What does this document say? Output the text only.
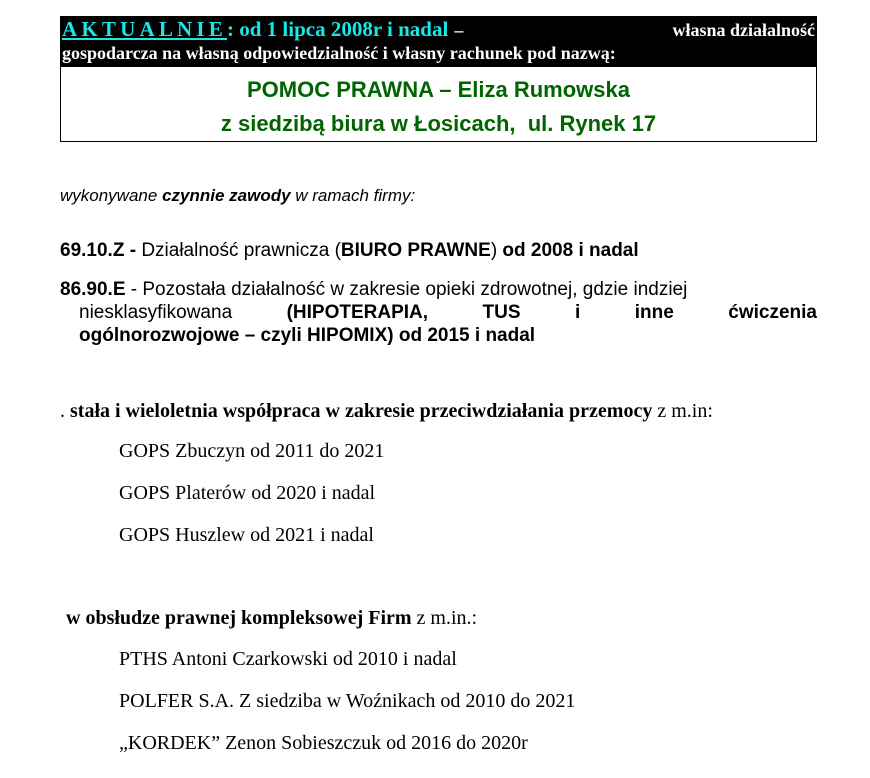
AKTUALNIE: od 1 lipca 2008r i nadal –	własna działalność
gospodarcza na własną odpowiedzialność i własny rachunek pod nazwą:
POMOC PRAWNA – Eliza Rumowska
z siedzibą biura w Łosicach,  ul. Rynek 17
wykonywane czynnie zawody w ramach firmy:
69.10.Z - Działalność prawnicza (BIURO PRAWNE) od 2008 i nadal
86.90.E - Pozostała działalność w zakresie opieki zdrowotnej, gdzie indziej
niesklasyfikowana	(HIPOTERAPIA,	TUS	i	inne	ćwiczenia
ogólnorozwojowe – czyli HIPOMIX) od 2015 i nadal
. stała i wieloletnia współpraca w zakresie przeciwdziałania przemocy z m.in:
GOPS Zbuczyn od 2011 do 2021
GOPS Platerów od 2020 i nadal
GOPS Huszlew od 2021 i nadal
w obsłudze prawnej kompleksowej Firm z m.in.:
PTHS Antoni Czarkowski od 2010 i nadal
POLFER S.A. Z siedziba w Woźnikach od 2010 do 2021
„KORDEK” Zenon Sobieszczuk od 2016 do 2020r
